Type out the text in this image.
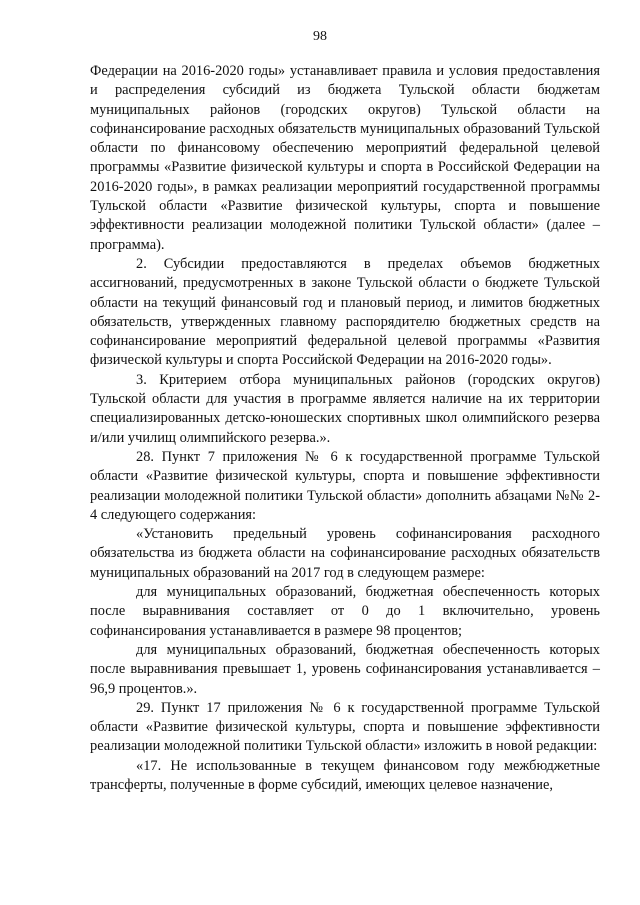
98

Федерации на 2016-2020 годы» устанавливает правила и условия предоставления и распределения субсидий из бюджета Тульской области бюджетам муниципальных районов (городских округов) Тульской области на софинансирование расходных обязательств муниципальных образований Тульской области по финансовому обеспечению мероприятий федеральной целевой программы «Развитие физической культуры и спорта в Российской Федерации на 2016-2020 годы», в рамках реализации мероприятий государственной программы Тульской области «Развитие физической культуры, спорта и повышение эффективности реализации молодежной политики Тульской области» (далее – программа).

2. Субсидии предоставляются в пределах объемов бюджетных ассигнований, предусмотренных в законе Тульской области о бюджете Тульской области на текущий финансовый год и плановый период, и лимитов бюджетных обязательств, утвержденных главному распорядителю бюджетных средств на софинансирование мероприятий федеральной целевой программы «Развития физической культуры и спорта Российской Федерации на 2016-2020 годы».

3. Критерием отбора муниципальных районов (городских округов) Тульской области для участия в программе является наличие на их территории специализированных детско-юношеских спортивных школ олимпийского резерва и/или училищ олимпийского резерва.».

28. Пункт 7 приложения № 6 к государственной программе Тульской области «Развитие физической культуры, спорта и повышение эффективности реализации молодежной политики Тульской области» дополнить абзацами №№ 2-4 следующего содержания:

«Установить предельный уровень софинансирования расходного обязательства из бюджета области на софинансирование расходных обязательств муниципальных образований на 2017 год в следующем размере:

для муниципальных образований, бюджетная обеспеченность которых после выравнивания составляет от 0 до 1 включительно, уровень софинансирования устанавливается в размере 98 процентов;

для муниципальных образований, бюджетная обеспеченность которых после выравнивания превышает 1, уровень софинансирования устанавливается – 96,9 процентов.».

29. Пункт 17 приложения № 6 к государственной программе Тульской области «Развитие физической культуры, спорта и повышение эффективности реализации молодежной политики Тульской области» изложить в новой редакции:

«17. Не использованные в текущем финансовом году межбюджетные трансферты, полученные в форме субсидий, имеющих целевое назначение,
